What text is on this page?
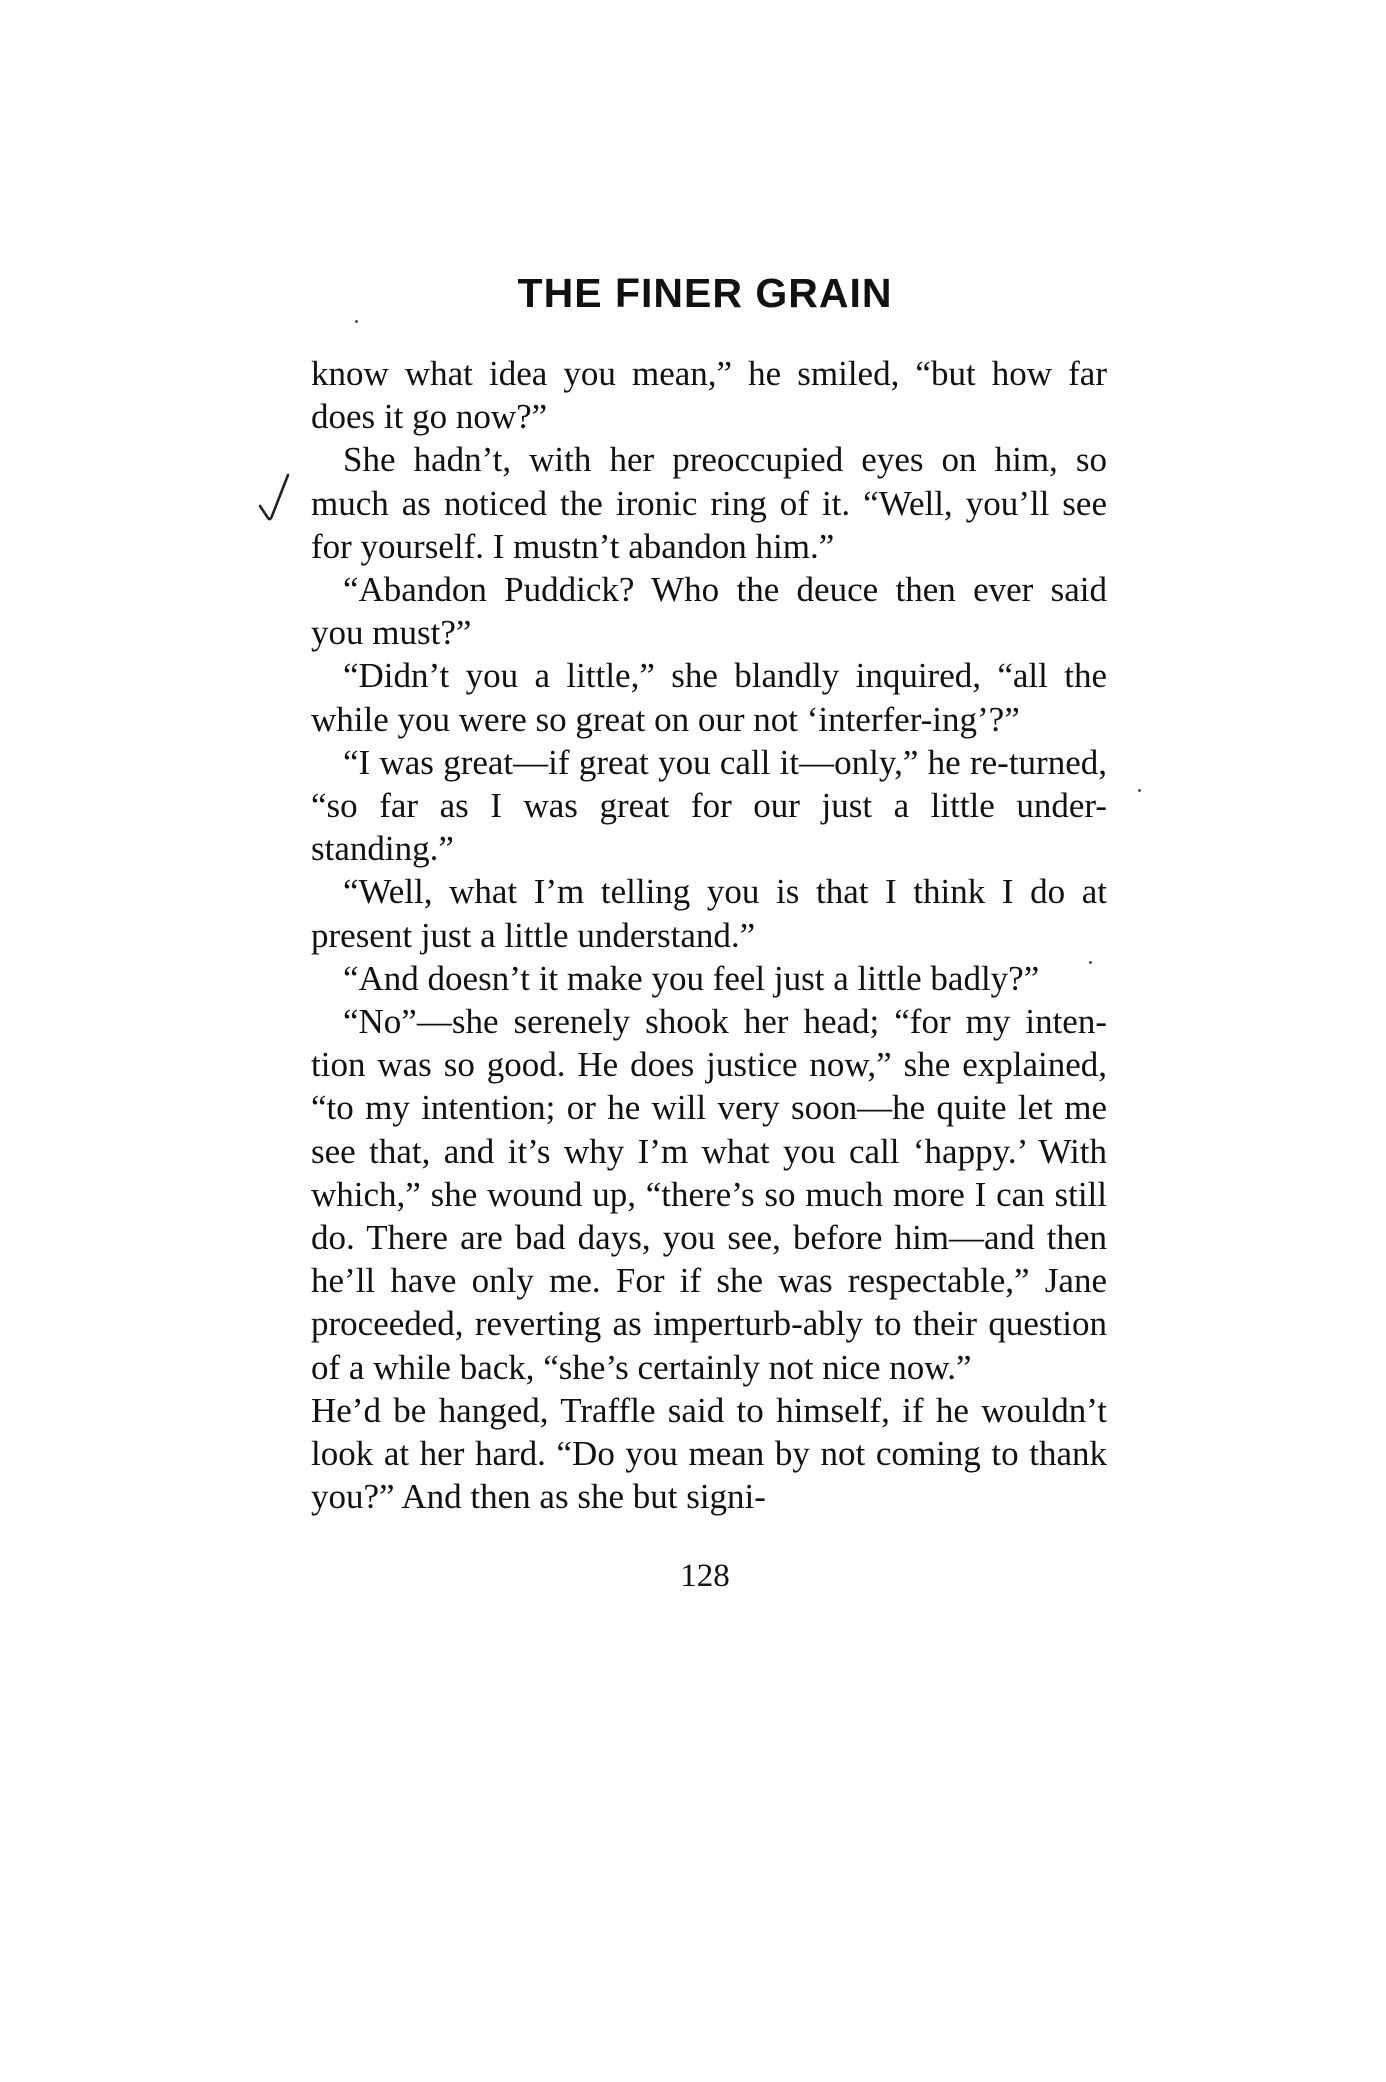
THE FINER GRAIN

know what idea you mean,” he smiled, “but how far does it go now?”

She hadn’t, with her preoccupied eyes on him, so much as noticed the ironic ring of it. “Well, you’ll see for yourself. I mustn’t abandon him.”

“Abandon Puddick? Who the deuce then ever said you must?”

“Didn’t you a little,” she blandly inquired, “all the while you were so great on our not ‘interfer-ing’?”

“I was great—if great you call it—only,” he re-turned, “so far as I was great for our just a little under-standing.”

“Well, what I’m telling you is that I think I do at present just a little understand.”

“And doesn’t it make you feel just a little badly?”

“No”—she serenely shook her head; “for my inten-tion was so good. He does justice now,” she explained, “to my intention; or he will very soon—he quite let me see that, and it’s why I’m what you call ‘happy.’ With which,” she wound up, “there’s so much more I can still do. There are bad days, you see, before him—and then he’ll have only me. For if she was respectable,” Jane proceeded, reverting as imperturb-ably to their question of a while back, “she’s certainly not nice now.”

He’d be hanged, Traffle said to himself, if he wouldn’t look at her hard. “Do you mean by not coming to thank you?” And then as she but signi-

128
